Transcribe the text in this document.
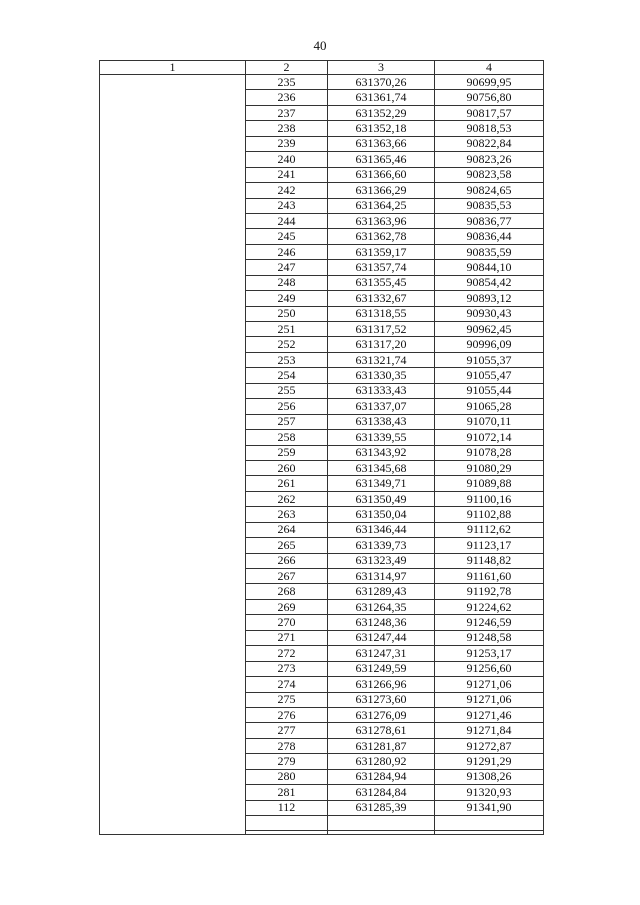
40
1	2	3	4
	235	631370,26	90699,95
	236	631361,74	90756,80
	237	631352,29	90817,57
	238	631352,18	90818,53
	239	631363,66	90822,84
	240	631365,46	90823,26
	241	631366,60	90823,58
	242	631366,29	90824,65
	243	631364,25	90835,53
	244	631363,96	90836,77
	245	631362,78	90836,44
	246	631359,17	90835,59
	247	631357,74	90844,10
	248	631355,45	90854,42
	249	631332,67	90893,12
	250	631318,55	90930,43
	251	631317,52	90962,45
	252	631317,20	90996,09
	253	631321,74	91055,37
	254	631330,35	91055,47
	255	631333,43	91055,44
	256	631337,07	91065,28
	257	631338,43	91070,11
	258	631339,55	91072,14
	259	631343,92	91078,28
	260	631345,68	91080,29
	261	631349,71	91089,88
	262	631350,49	91100,16
	263	631350,04	91102,88
	264	631346,44	91112,62
	265	631339,73	91123,17
	266	631323,49	91148,82
	267	631314,97	91161,60
	268	631289,43	91192,78
	269	631264,35	91224,62
	270	631248,36	91246,59
	271	631247,44	91248,58
	272	631247,31	91253,17
	273	631249,59	91256,60
	274	631266,96	91271,06
	275	631273,60	91271,06
	276	631276,09	91271,46
	277	631278,61	91271,84
	278	631281,87	91272,87
	279	631280,92	91291,29
	280	631284,94	91308,26
	281	631284,84	91320,93
	112	631285,39	91341,90
